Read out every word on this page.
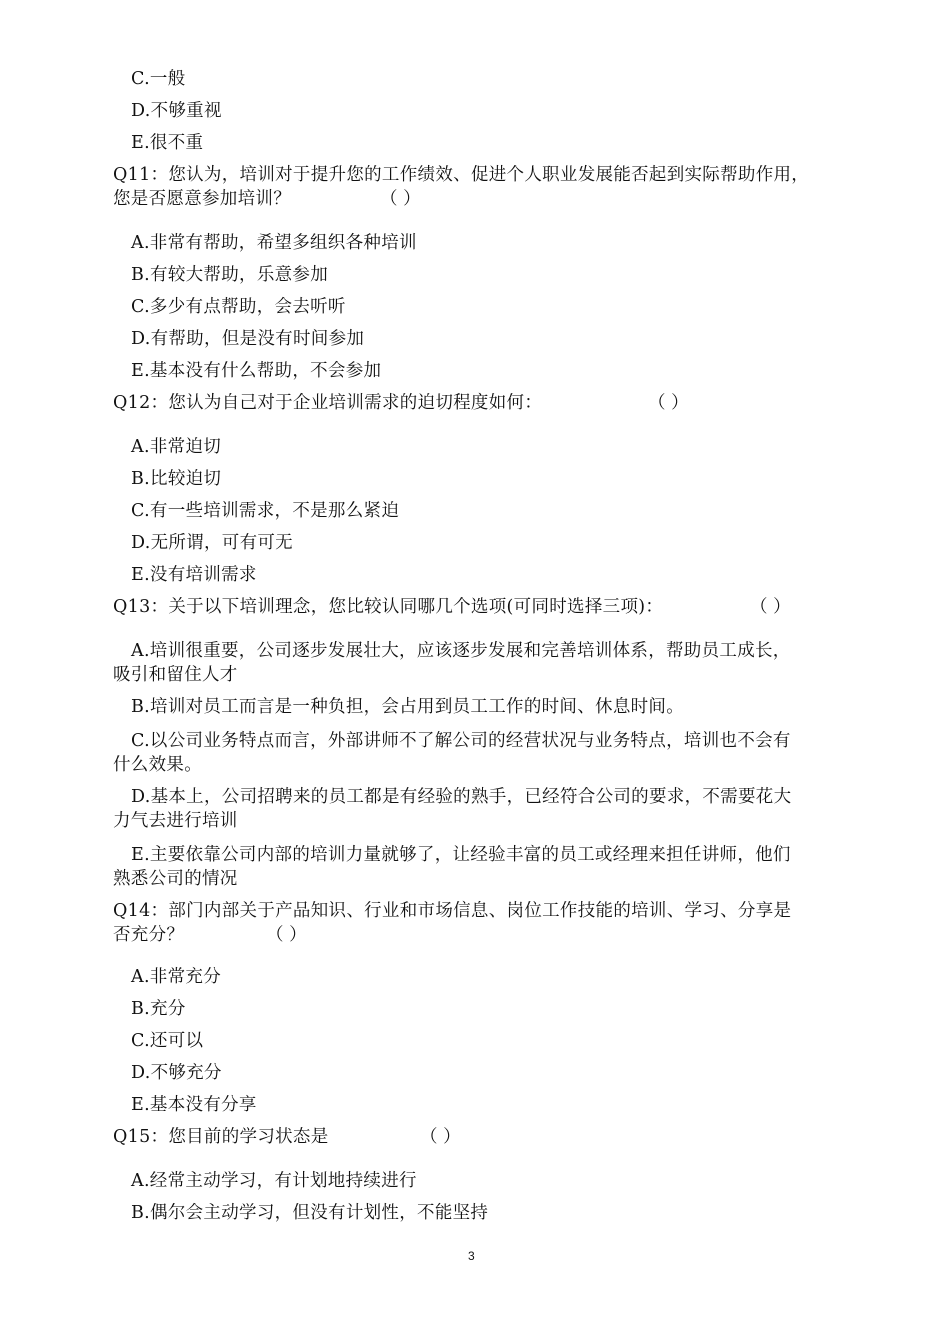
C.一般
D.不够重视
E.很不重
Q11：您认为，培训对于提升您的工作绩效、促进个人职业发展能否起到实际帮助作用，
您是否愿意参加培训？	（ ）
A.非常有帮助，希望多组织各种培训
B.有较大帮助，乐意参加
C.多少有点帮助，会去听听
D.有帮助，但是没有时间参加
E.基本没有什么帮助，不会参加
Q12：您认为自己对于企业培训需求的迫切程度如何：	（ ）
A.非常迫切
B.比较迫切
C.有一些培训需求，不是那么紧迫
D.无所谓，可有可无
E.没有培训需求
Q13：关于以下培训理念，您比较认同哪几个选项(可同时选择三项)：	（ ）
A.培训很重要，公司逐步发展壮大，应该逐步发展和完善培训体系，帮助员工成长，
吸引和留住人才
B.培训对员工而言是一种负担，会占用到员工工作的时间、休息时间。
C.以公司业务特点而言，外部讲师不了解公司的经营状况与业务特点，培训也不会有
什么效果。
D.基本上，公司招聘来的员工都是有经验的熟手，已经符合公司的要求，不需要花大
力气去进行培训
E.主要依靠公司内部的培训力量就够了，让经验丰富的员工或经理来担任讲师，他们
熟悉公司的情况
Q14：部门内部关于产品知识、行业和市场信息、岗位工作技能的培训、学习、分享是
否充分？	（ ）
A.非常充分
B.充分
C.还可以
D.不够充分
E.基本没有分享
Q15：您目前的学习状态是	（ ）
A.经常主动学习，有计划地持续进行
B.偶尔会主动学习，但没有计划性，不能坚持
3
